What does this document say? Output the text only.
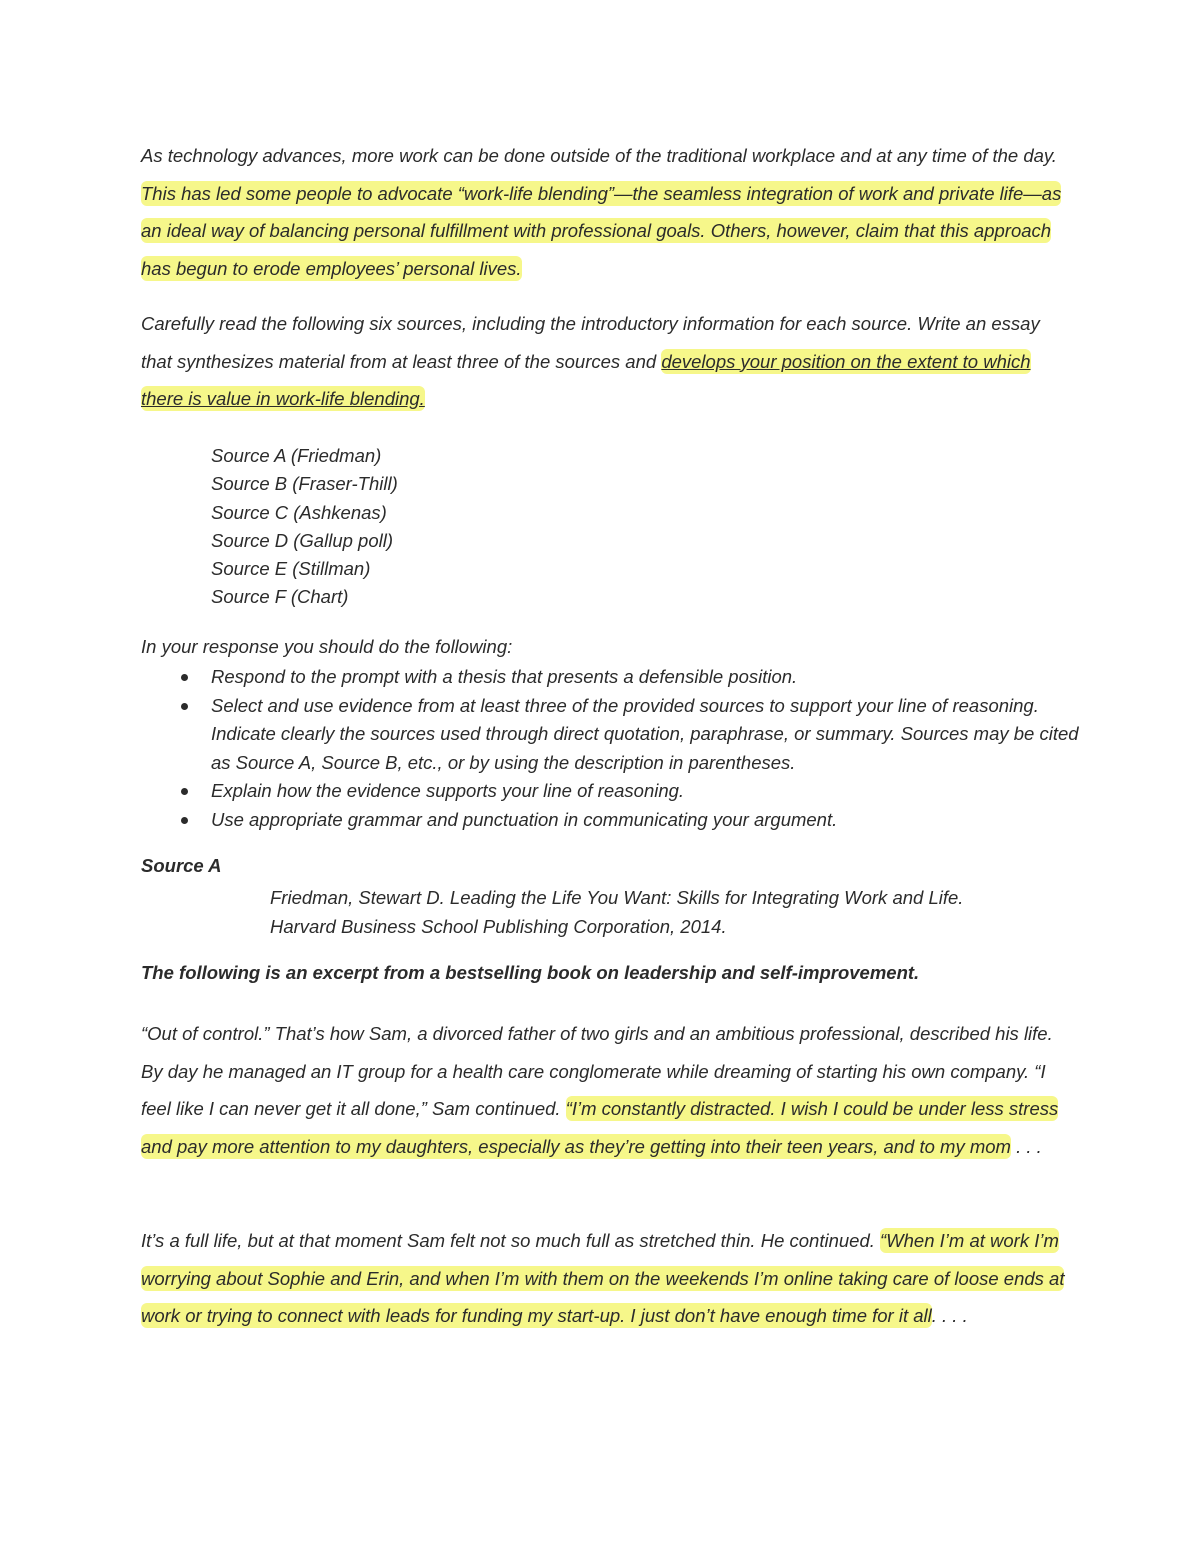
As technology advances, more work can be done outside of the traditional workplace and at any time of the day. This has led some people to advocate “work-life blending”—the seamless integration of work and private life—as an ideal way of balancing personal fulfillment with professional goals. Others, however, claim that this approach has begun to erode employees’ personal lives.

Carefully read the following six sources, including the introductory information for each source. Write an essay that synthesizes material from at least three of the sources and develops your position on the extent to which there is value in work-life blending.

Source A (Friedman)
Source B (Fraser-Thill)
Source C (Ashkenas)
Source D (Gallup poll)
Source E (Stillman)
Source F (Chart)

In your response you should do the following:

Respond to the prompt with a thesis that presents a defensible position.
Select and use evidence from at least three of the provided sources to support your line of reasoning. Indicate clearly the sources used through direct quotation, paraphrase, or summary. Sources may be cited as Source A, Source B, etc., or by using the description in parentheses.
Explain how the evidence supports your line of reasoning.
Use appropriate grammar and punctuation in communicating your argument.

Source A

Friedman, Stewart D. Leading the Life You Want: Skills for Integrating Work and Life.
Harvard Business School Publishing Corporation, 2014.

The following is an excerpt from a bestselling book on leadership and self-improvement.

“Out of control.” That’s how Sam, a divorced father of two girls and an ambitious professional, described his life. By day he managed an IT group for a health care conglomerate while dreaming of starting his own company. “I feel like I can never get it all done,” Sam continued. “I’m constantly distracted. I wish I could be under less stress and pay more attention to my daughters, especially as they’re getting into their teen years, and to my mom . . .

It’s a full life, but at that moment Sam felt not so much full as stretched thin. He continued. “When I’m at work I’m worrying about Sophie and Erin, and when I’m with them on the weekends I’m online taking care of loose ends at work or trying to connect with leads for funding my start-up. I just don’t have enough time for it all. . . .
